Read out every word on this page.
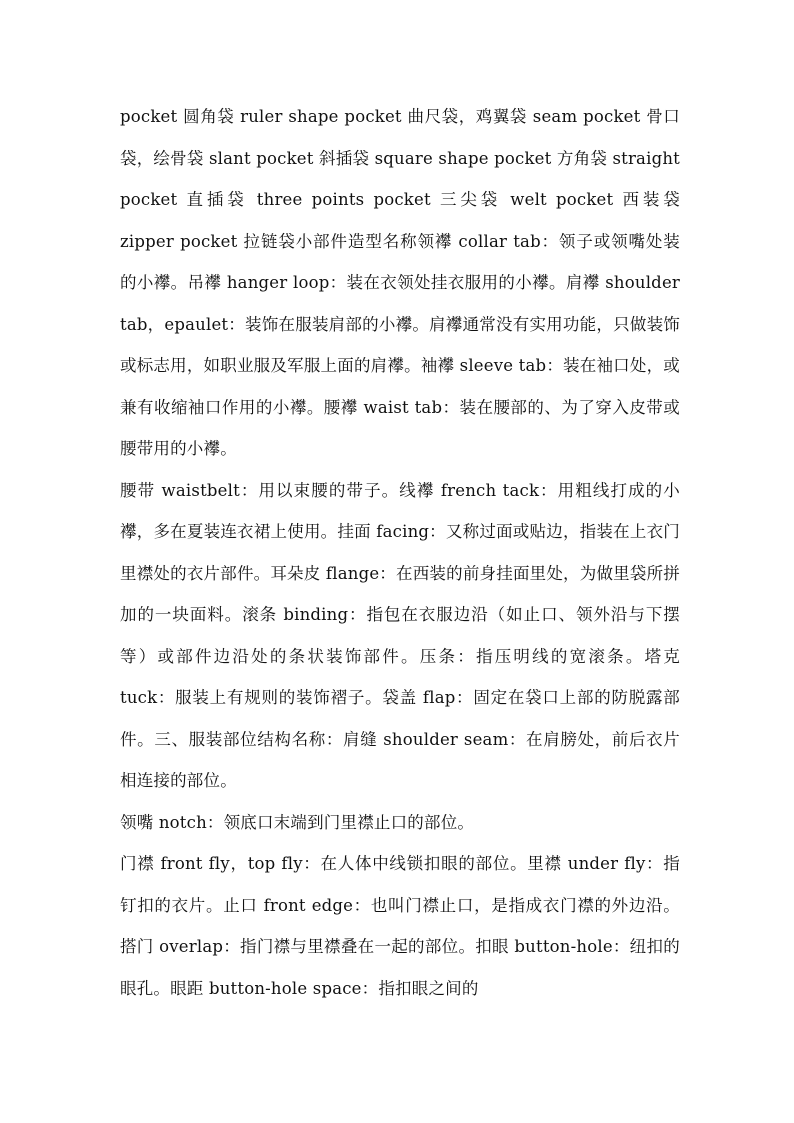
pocket 圆角袋 ruler shape pocket 曲尺袋，鸡翼袋 seam pocket 骨口袋，绘骨袋 slant pocket 斜插袋 square shape pocket 方角袋 straight pocket 直插袋 three points pocket 三尖袋 welt pocket 西装袋 zipper pocket 拉链袋小部件造型名称领襻 collar tab：领子或领嘴处装的小襻。吊襻 hanger loop：装在衣领处挂衣服用的小襻。肩襻 shoulder tab，epaulet：装饰在服装肩部的小襻。肩襻通常没有实用功能，只做装饰或标志用，如职业服及军服上面的肩襻。袖襻 sleeve tab：装在袖口处，或兼有收缩袖口作用的小襻。腰襻 waist tab：装在腰部的、为了穿入皮带或腰带用的小襻。

腰带 waistbelt：用以束腰的带子。线襻 french tack：用粗线打成的小襻，多在夏装连衣裙上使用。挂面 facing：又称过面或贴边，指装在上衣门里襟处的衣片部件。耳朵皮 flange：在西装的前身挂面里处，为做里袋所拼加的一块面料。滚条 binding：指包在衣服边沿（如止口、领外沿与下摆等）或部件边沿处的条状装饰部件。压条：指压明线的宽滚条。塔克 tuck：服装上有规则的装饰褶子。袋盖 flap：固定在袋口上部的防脱露部件。三、服装部位结构名称：肩缝 shoulder seam：在肩膀处，前后衣片相连接的部位。

领嘴 notch：领底口末端到门里襟止口的部位。

门襟 front fly，top fly：在人体中线锁扣眼的部位。里襟 under fly：指钉扣的衣片。止口 front edge：也叫门襟止口，是指成衣门襟的外边沿。搭门 overlap：指门襟与里襟叠在一起的部位。扣眼 button-hole：纽扣的眼孔。眼距 button-hole space：指扣眼之间的
